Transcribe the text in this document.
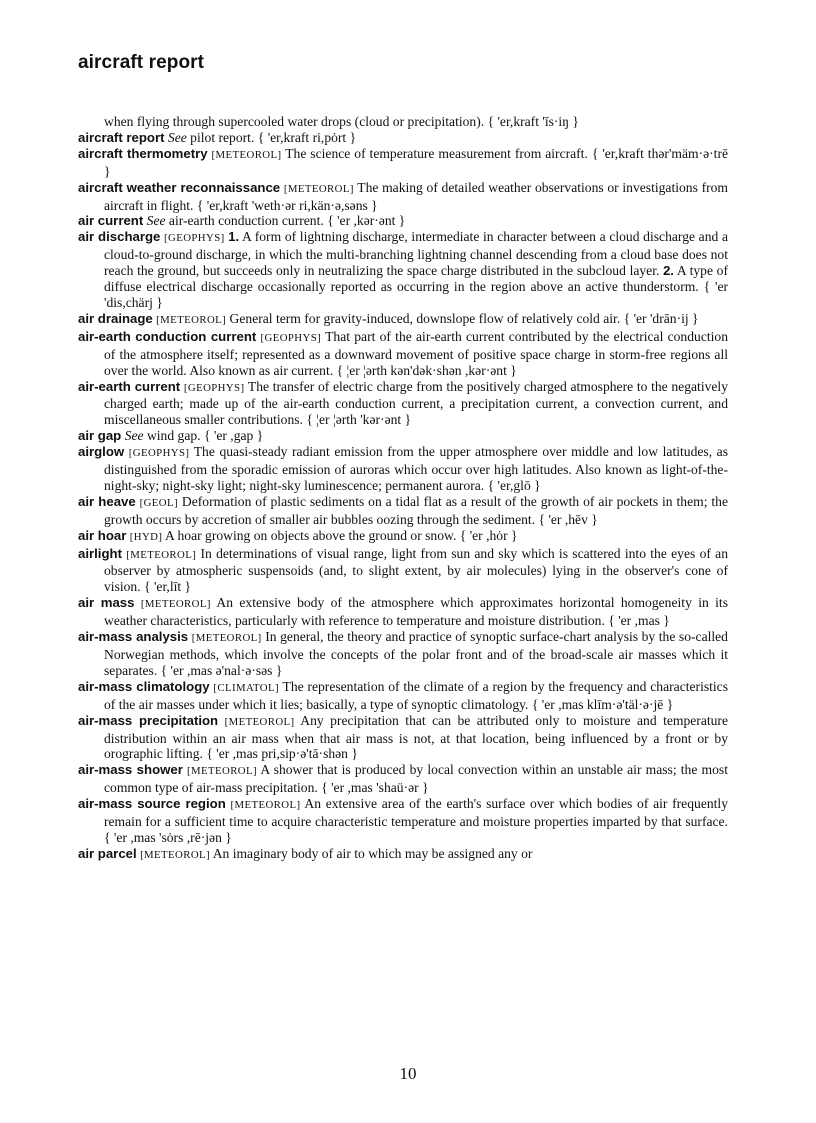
aircraft report

when flying through supercooled water drops (cloud or precipitation). { 'er,kraft 'īs·iŋ }

aircraft report See pilot report. { 'er,kraft ri,pȯrt }

aircraft thermometry [METEOROL] The science of temperature measurement from aircraft. { 'er,kraft thər'mäm·ə·trē }

aircraft weather reconnaissance [METEOROL] The making of detailed weather observations or investigations from aircraft in flight. { 'er,kraft 'weth·ər ri,kän·ə,səns }

air current See air-earth conduction current. { 'er ,kər·ənt }

air discharge [GEOPHYS] 1. A form of lightning discharge, intermediate in character between a cloud discharge and a cloud-to-ground discharge, in which the multi-branching lightning channel descending from a cloud base does not reach the ground, but succeeds only in neutralizing the space charge distributed in the subcloud layer. 2. A type of diffuse electrical discharge occasionally reported as occurring in the region above an active thunderstorm. { 'er 'dis,chärj }

air drainage [METEOROL] General term for gravity-induced, downslope flow of relatively cold air. { 'er 'drān·ij }

air-earth conduction current [GEOPHYS] That part of the air-earth current contributed by the electrical conduction of the atmosphere itself; represented as a downward movement of positive space charge in storm-free regions all over the world. Also known as air current. { ¦er ¦ərth kən'dək·shən ,kər·ənt }

air-earth current [GEOPHYS] The transfer of electric charge from the positively charged atmosphere to the negatively charged earth; made up of the air-earth conduction current, a precipitation current, a convection current, and miscellaneous smaller contributions. { ¦er ¦ərth 'kər·ənt }

air gap See wind gap. { 'er ,gap }

airglow [GEOPHYS] The quasi-steady radiant emission from the upper atmosphere over middle and low latitudes, as distinguished from the sporadic emission of auroras which occur over high latitudes. Also known as light-of-the-night-sky; night-sky light; night-sky luminescence; permanent aurora. { 'er,glō }

air heave [GEOL] Deformation of plastic sediments on a tidal flat as a result of the growth of air pockets in them; the growth occurs by accretion of smaller air bubbles oozing through the sediment. { 'er ,hēv }

air hoar [HYD] A hoar growing on objects above the ground or snow. { 'er ,hȯr }

airlight [METEOROL] In determinations of visual range, light from sun and sky which is scattered into the eyes of an observer by atmospheric suspensoids (and, to slight extent, by air molecules) lying in the observer's cone of vision. { 'er,līt }

air mass [METEOROL] An extensive body of the atmosphere which approximates horizontal homogeneity in its weather characteristics, particularly with reference to temperature and moisture distribution. { 'er ,mas }

air-mass analysis [METEOROL] In general, the theory and practice of synoptic surface-chart analysis by the so-called Norwegian methods, which involve the concepts of the polar front and of the broad-scale air masses which it separates. { 'er ,mas ə'nal·ə·səs }

air-mass climatology [CLIMATOL] The representation of the climate of a region by the frequency and characteristics of the air masses under which it lies; basically, a type of synoptic climatology. { 'er ,mas klīm·ə'täl·ə·jē }

air-mass precipitation [METEOROL] Any precipitation that can be attributed only to moisture and temperature distribution within an air mass when that air mass is not, at that location, being influenced by a front or by orographic lifting. { 'er ,mas pri,sip·ə'tā·shən }

air-mass shower [METEOROL] A shower that is produced by local convection within an unstable air mass; the most common type of air-mass precipitation. { 'er ,mas 'shaü·ər }

air-mass source region [METEOROL] An extensive area of the earth's surface over which bodies of air frequently remain for a sufficient time to acquire characteristic temperature and moisture properties imparted by that surface. { 'er ,mas 'sȯrs ,rē·jən }

air parcel [METEOROL] An imaginary body of air to which may be assigned any or

10
